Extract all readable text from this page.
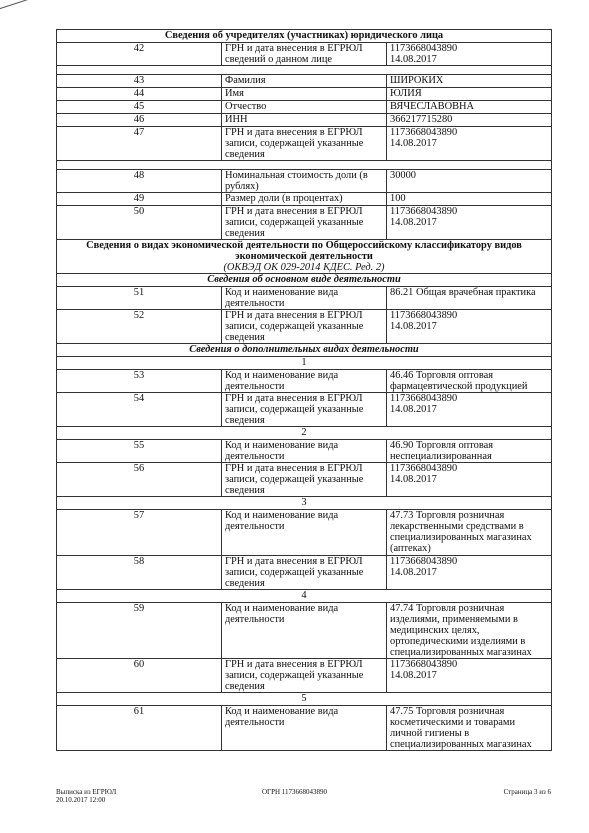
Сведения об учредителях (участниках) юридического лица		
42	ГРН и дата внесения в ЕГРЮЛ сведений о данном лице	1173668043890
14.08.2017

43	Фамилия	ШИРОКИХ
44	Имя	ЮЛИЯ
45	Отчество	ВЯЧЕСЛАВОВНА
46	ИНН	366217715280
47	ГРН и дата внесения в ЕГРЮЛ записи, содержащей указанные сведения	1173668043890
14.08.2017

48	Номинальная стоимость доли (в рублях)	30000
49	Размер доли (в процентах)	100
50	ГРН и дата внесения в ЕГРЮЛ записи, содержащей указанные сведения	1173668043890
14.08.2017
Сведения о видах экономической деятельности по Общероссийскому классификатору видов экономической деятельности
(ОКВЭД ОК 029-2014 КДЕС. Ред. 2)		

Сведения об основном виде деятельности		
51	Код и наименование вида деятельности	86.21 Общая врачебная практика
52	ГРН и дата внесения в ЕГРЮЛ записи, содержащей указанные сведения	1173668043890
14.08.2017
Сведения о дополнительных видах деятельности		
1		
53	Код и наименование вида деятельности	46.46 Торговля оптовая фармацевтической продукцией
54	ГРН и дата внесения в ЕГРЮЛ записи, содержащей указанные сведения	1173668043890
14.08.2017
2		
55	Код и наименование вида деятельности	46.90 Торговля оптовая неспециализированная
56	ГРН и дата внесения в ЕГРЮЛ записи, содержащей указанные сведения	1173668043890
14.08.2017
3		
57	Код и наименование вида деятельности	47.73 Торговля розничная лекарственными средствами в специализированных магазинах (аптеках)
58	ГРН и дата внесения в ЕГРЮЛ записи, содержащей указанные сведения	1173668043890
14.08.2017
4		
59	Код и наименование вида деятельности	47.74 Торговля розничная изделиями, применяемыми в медицинских целях, ортопедическими изделиями в специализированных магазинах
60	ГРН и дата внесения в ЕГРЮЛ записи, содержащей указанные сведения	1173668043890
14.08.2017
5		
61	Код и наименование вида деятельности	47.75 Торговля розничная косметическими и товарами личной гигиены в специализированных магазинах
Выписка из ЕГРЮЛ
20.10.2017 12:00
ОГРН 1173668043890	Страница 3 из 6
